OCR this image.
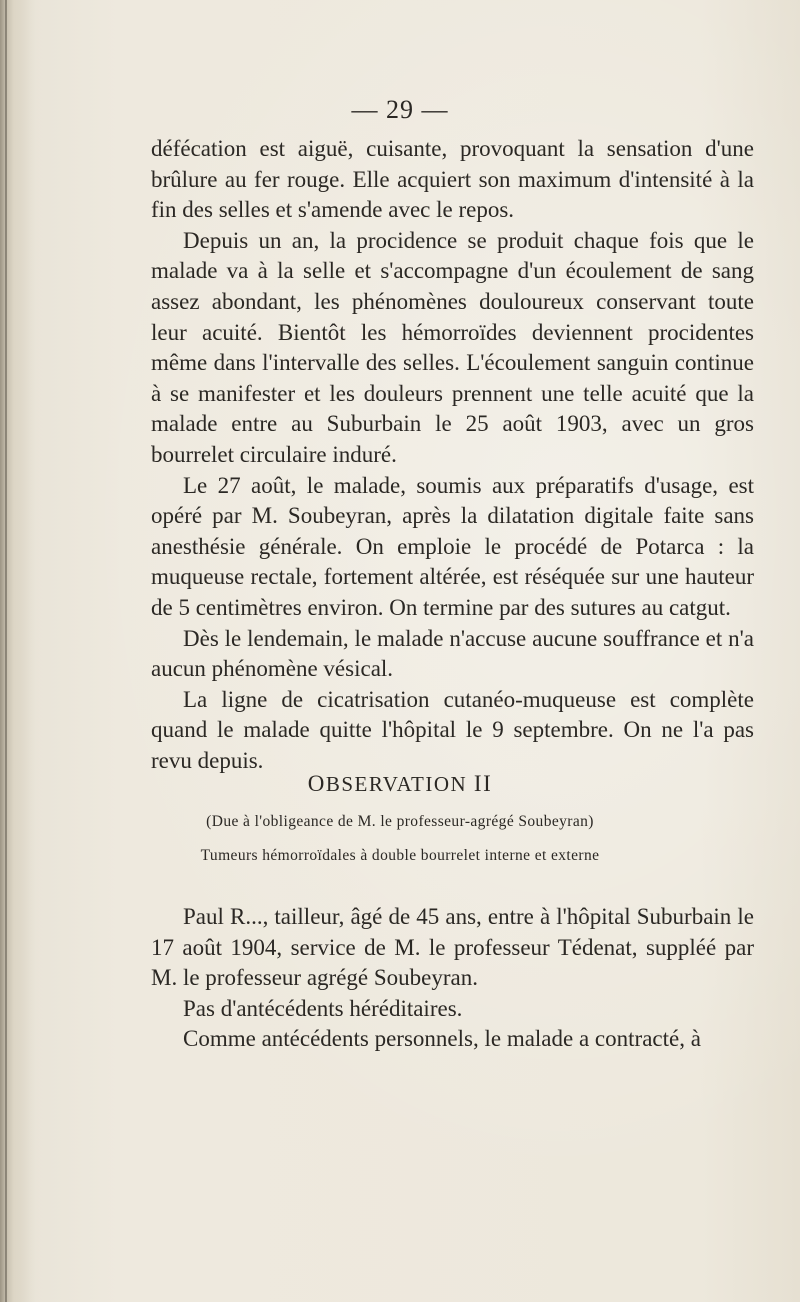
— 29 —

défécation est aiguë, cuisante, provoquant la sensation d'une brûlure au fer rouge. Elle acquiert son maximum d'intensité à la fin des selles et s'amende avec le repos.

Depuis un an, la procidence se produit chaque fois que le malade va à la selle et s'accompagne d'un écoulement de sang assez abondant, les phénomènes douloureux conservant toute leur acuité. Bientôt les hémorroïdes deviennent procidentes même dans l'intervalle des selles. L'écoulement sanguin continue à se manifester et les douleurs prennent une telle acuité que la malade entre au Suburbain le 25 août 1903, avec un gros bourrelet circulaire induré.

Le 27 août, le malade, soumis aux préparatifs d'usage, est opéré par M. Soubeyran, après la dilatation digitale faite sans anesthésie générale. On emploie le procédé de Potarca : la muqueuse rectale, fortement altérée, est réséquée sur une hauteur de 5 centimètres environ. On termine par des sutures au catgut.

Dès le lendemain, le malade n'accuse aucune souffrance et n'a aucun phénomène vésical.

La ligne de cicatrisation cutanéo-muqueuse est complète quand le malade quitte l'hôpital le 9 septembre. On ne l'a pas revu depuis.

OBSERVATION II
(Due à l'obligeance de M. le professeur-agrégé Soubeyran)
Tumeurs hémorroïdales à double bourrelet interne et externe

Paul R..., tailleur, âgé de 45 ans, entre à l'hôpital Suburbain le 17 août 1904, service de M. le professeur Tédenat, suppléé par M. le professeur agrégé Soubeyran.

Pas d'antécédents héréditaires.

Comme antécédents personnels, le malade a contracté, à
